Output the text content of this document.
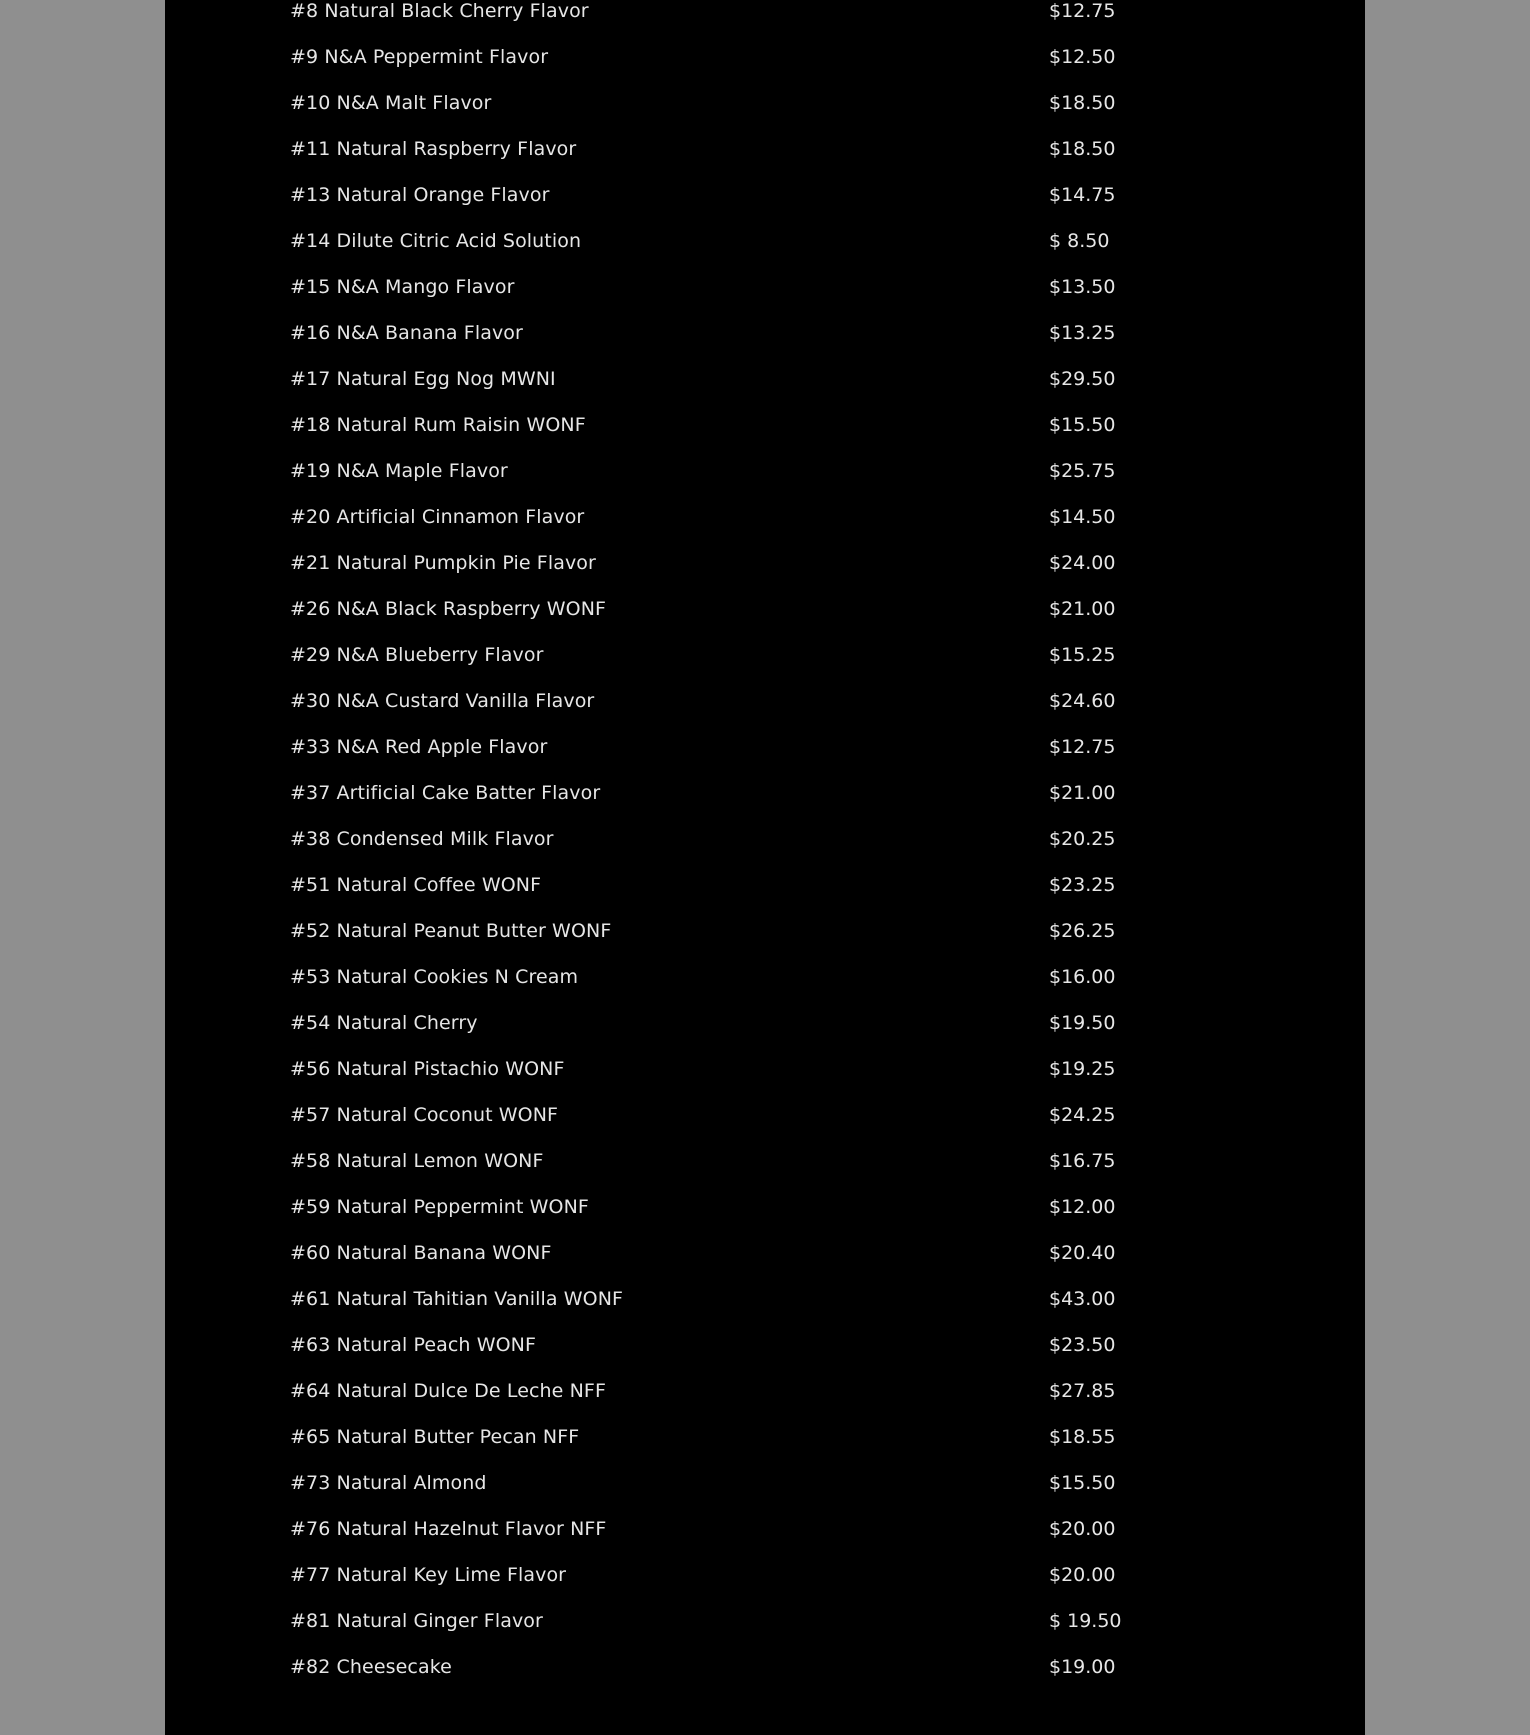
#8 Natural Black Cherry Flavor	$12.75
#9 N&A Peppermint Flavor	$12.50
#10 N&A Malt Flavor	$18.50
#11 Natural Raspberry Flavor	$18.50
#13 Natural Orange Flavor	$14.75
#14 Dilute Citric Acid Solution	$ 8.50
#15 N&A Mango Flavor	$13.50
#16 N&A Banana Flavor	$13.25
#17 Natural Egg Nog MWNI	$29.50
#18 Natural Rum Raisin WONF	$15.50
#19 N&A Maple Flavor	$25.75
#20 Artificial Cinnamon Flavor	$14.50
#21 Natural Pumpkin Pie Flavor	$24.00
#26 N&A Black Raspberry WONF	$21.00
#29 N&A Blueberry Flavor	$15.25
#30 N&A Custard Vanilla Flavor	$24.60
#33 N&A Red Apple Flavor	$12.75
#37 Artificial Cake Batter Flavor	$21.00
#38 Condensed Milk Flavor	$20.25
#51 Natural Coffee WONF	$23.25
#52 Natural Peanut Butter WONF	$26.25
#53 Natural Cookies N Cream	$16.00
#54 Natural Cherry	$19.50
#56 Natural Pistachio WONF	$19.25
#57 Natural Coconut WONF	$24.25
#58 Natural Lemon WONF	$16.75
#59 Natural Peppermint WONF	$12.00
#60 Natural Banana WONF	$20.40
#61 Natural Tahitian Vanilla WONF	$43.00
#63 Natural Peach WONF	$23.50
#64 Natural Dulce De Leche NFF	$27.85
#65 Natural Butter Pecan NFF	$18.55
#73 Natural Almond	$15.50
#76 Natural Hazelnut Flavor NFF	$20.00
#77 Natural Key Lime Flavor	$20.00
#81 Natural Ginger Flavor	$ 19.50
#82 Cheesecake	$19.00
